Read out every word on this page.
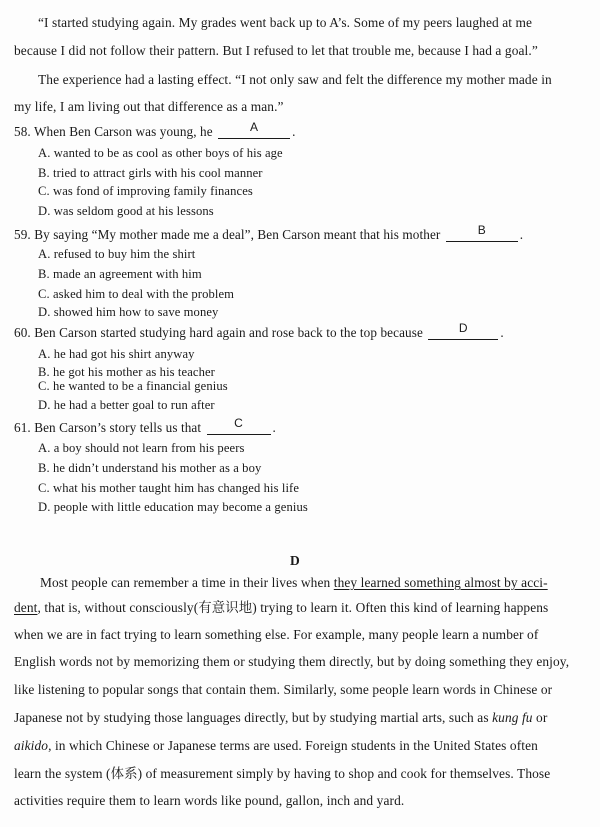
“I started studying again. My grades went back up to A’s. Some of my peers laughed at me
because I did not follow their pattern. But I refused to let that trouble me, because I had a goal.”
The experience had a lasting effect. “I not only saw and felt the difference my mother made in
my life, I am living out that difference as a man.”
58. When Ben Carson was young, he	A	.
A. wanted to be as cool as other boys of his age
B. tried to attract girls with his cool manner
C. was fond of improving family finances
D. was seldom good at his lessons
59. By saying “My mother made me a deal”, Ben Carson meant that his mother	B	.
A. refused to buy him the shirt
B. made an agreement with him
C. asked him to deal with the problem
D. showed him how to save money
60. Ben Carson started studying hard again and rose back to the top because	D .
A. he had got his shirt anyway
B. he got his mother as his teacher
C. he wanted to be a financial genius
D. he had a better goal to run after
61. Ben Carson’s story tells us that	C .
A. a boy should not learn from his peers
B. he didn’t understand his mother as a boy
C. what his mother taught him has changed his life
D. people with little education may become a genius
D
Most people can remember a time in their lives when they learned something almost by acci-
dent, that is, without consciously(有意识地) trying to learn it. Often this kind of learning happens
when we are in fact trying to learn something else. For example, many people learn a number of
English words not by memorizing them or studying them directly, but by doing something they enjoy,
like listening to popular songs that contain them. Similarly, some people learn words in Chinese or
Japanese not by studying those languages directly, but by studying martial arts, such as kung fu or
aikido, in which Chinese or Japanese terms are used. Foreign students in the United States often
learn the system (体系) of measurement simply by having to shop and cook for themselves. Those
activities require them to learn words like pound, gallon, inch and yard.
